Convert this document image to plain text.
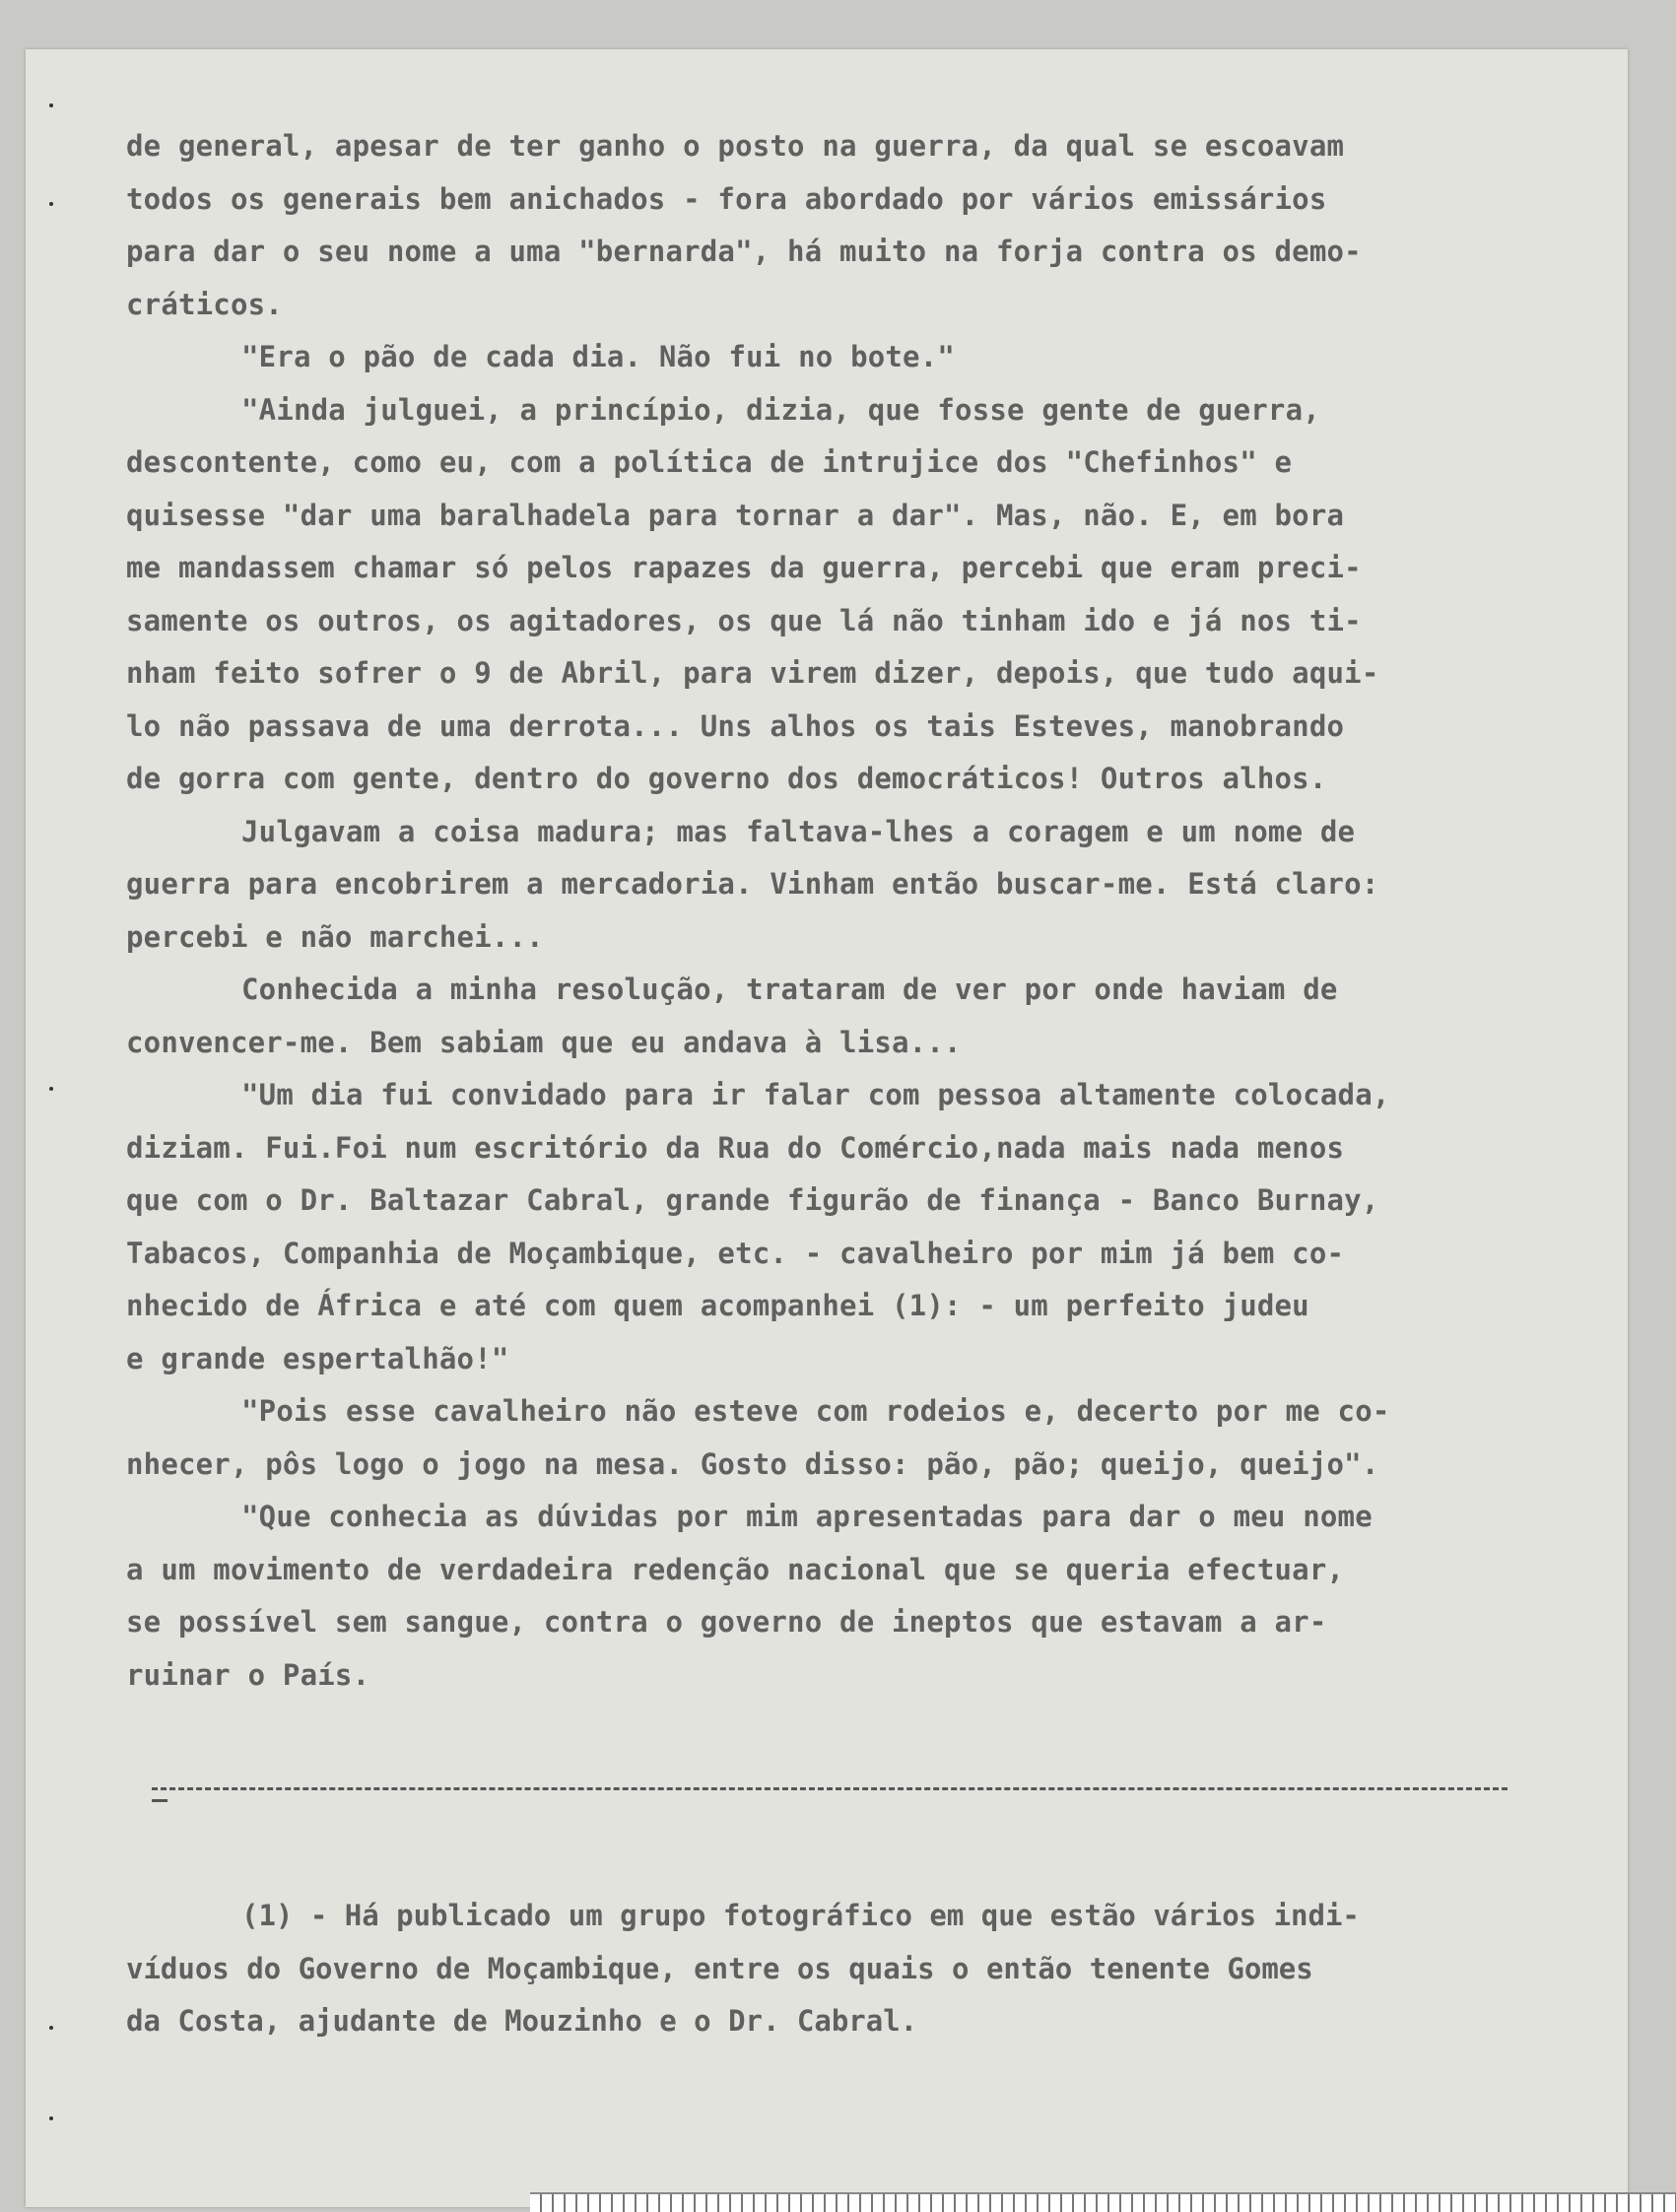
de general, apesar de ter ganho o posto na guerra, da qual se escoavam
todos os generais bem anichados - fora abordado por vários emissários
para dar o seu nome a uma "bernarda", há muito na forja contra os demo-
cráticos.
"Era o pão de cada dia. Não fui no bote."
"Ainda julguei, a princípio, dizia, que fosse gente de guerra,
descontente, como eu, com a política de intrujice dos "Chefinhos" e
quisesse "dar uma baralhadela para tornar a dar". Mas, não. E, em bora
me mandassem chamar só pelos rapazes da guerra, percebi que eram preci-
samente os outros, os agitadores, os que lá não tinham ido e já nos ti-
nham feito sofrer o 9 de Abril, para virem dizer, depois, que tudo aqui-
lo não passava de uma derrota... Uns alhos os tais Esteves, manobrando
de gorra com gente, dentro do governo dos democráticos! Outros alhos.
Julgavam a coisa madura; mas faltava-lhes a coragem e um nome de
guerra para encobrirem a mercadoria. Vinham então buscar-me. Está claro:
percebi e não marchei...
Conhecida a minha resolução, trataram de ver por onde haviam de
convencer-me. Bem sabiam que eu andava à lisa...
"Um dia fui convidado para ir falar com pessoa altamente colocada,
diziam. Fui.Foi num escritório da Rua do Comércio,nada mais nada menos
que com o Dr. Baltazar Cabral, grande figurão de finança - Banco Burnay,
Tabacos, Companhia de Moçambique, etc. - cavalheiro por mim já bem co-
nhecido de África e até com quem acompanhei (1): - um perfeito judeu
e grande espertalhão!"
"Pois esse cavalheiro não esteve com rodeios e, decerto por me co-
nhecer, pôs logo o jogo na mesa. Gosto disso: pão, pão; queijo, queijo".
"Que conhecia as dúvidas por mim apresentadas para dar o meu nome
a um movimento de verdadeira redenção nacional que se queria efectuar,
se possível sem sangue, contra o governo de ineptos que estavam a ar-
ruinar o País.
(1) - Há publicado um grupo fotográfico em que estão vários indi-
víduos do Governo de Moçambique, entre os quais o então tenente Gomes
da Costa, ajudante de Mouzinho e o Dr. Cabral.
